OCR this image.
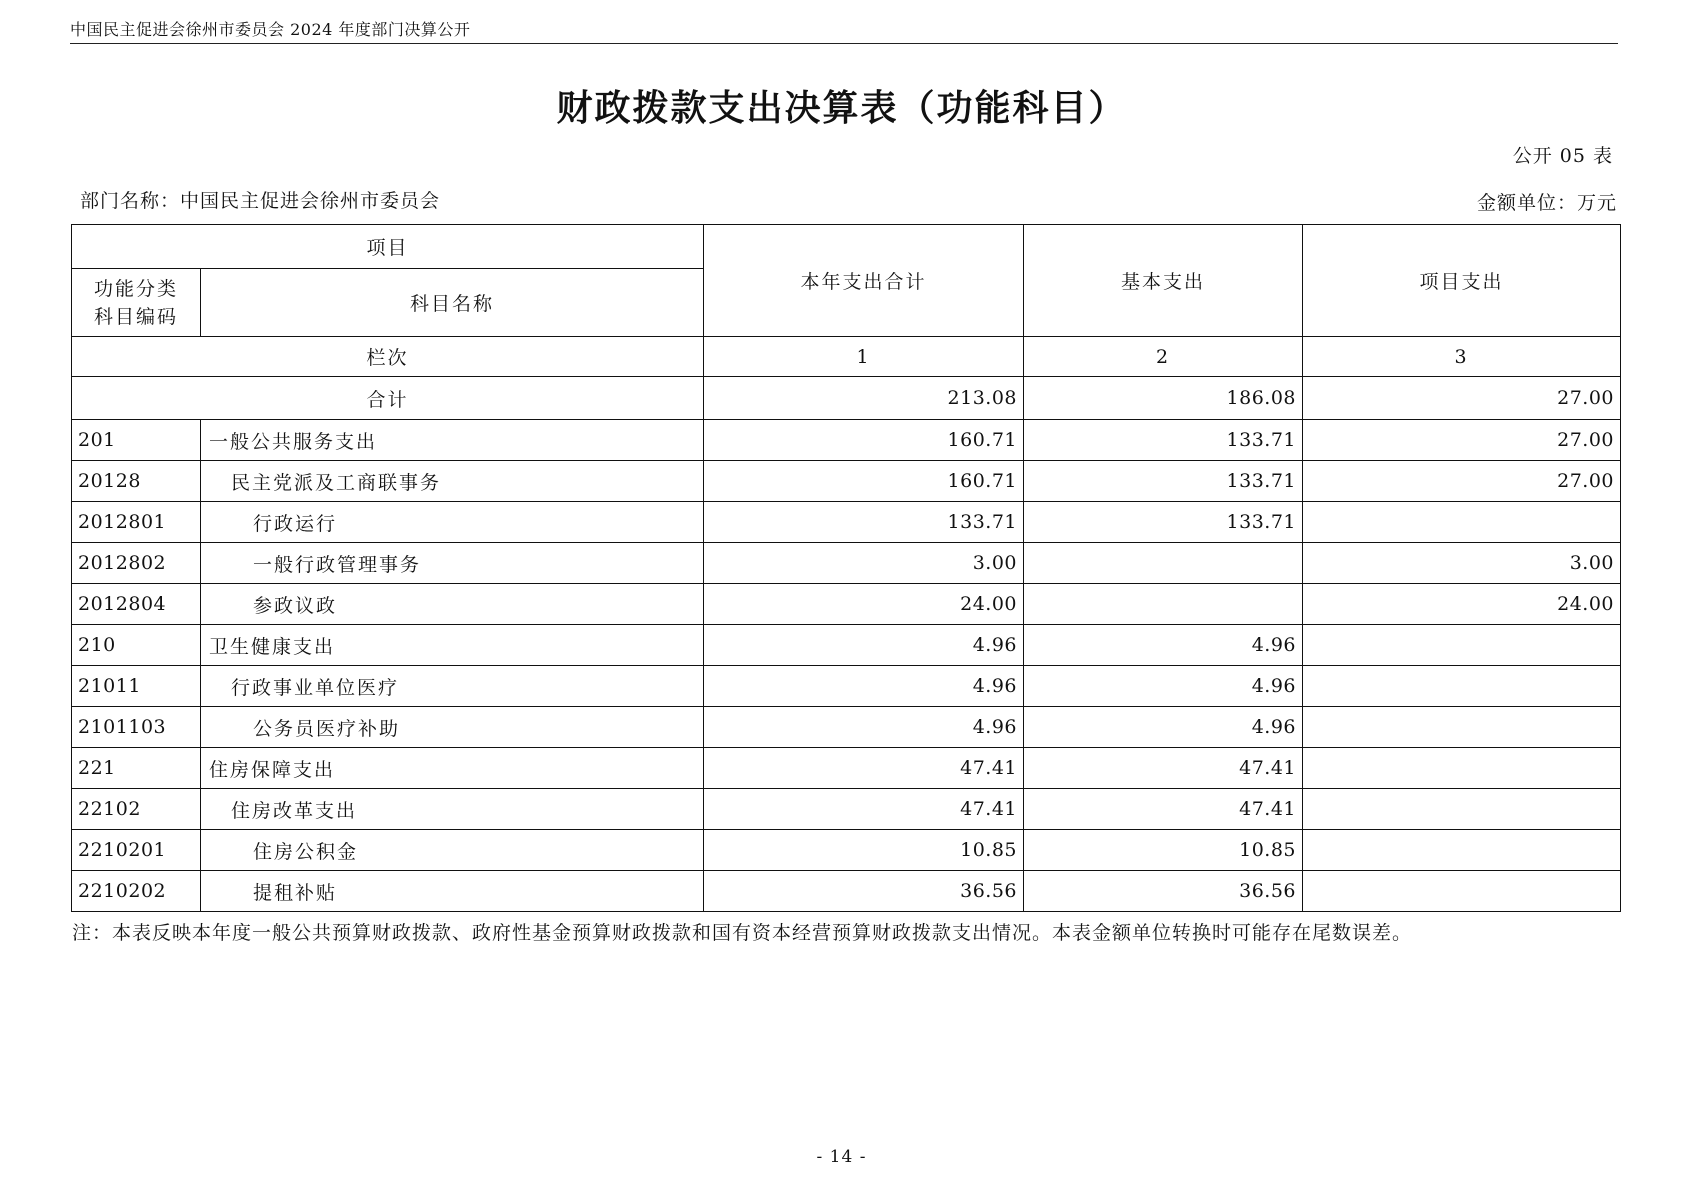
中国民主促进会徐州市委员会 2024 年度部门决算公开
财政拨款支出决算表（功能科目）
公开 05 表
部门名称：中国民主促进会徐州市委员会	金额单位：万元
项目		本年支出合计	基本支出	项目支出

功能分类
科目编码	科目名称			
栏次		1	2	3
合计		213.08	186.08	27.00
201	一般公共服务支出	160.71	133.71	27.00
20128	民主党派及工商联事务	160.71	133.71	27.00
2012801	行政运行	133.71	133.71	
2012802	一般行政管理事务	3.00		3.00
2012804	参政议政	24.00		24.00
210	卫生健康支出	4.96	4.96	
21011	行政事业单位医疗	4.96	4.96	
2101103	公务员医疗补助	4.96	4.96	
221	住房保障支出	47.41	47.41	
22102	住房改革支出	47.41	47.41	
2210201	住房公积金	10.85	10.85	
2210202	提租补贴	36.56	36.56	
注：本表反映本年度一般公共预算财政拨款、政府性基金预算财政拨款和国有资本经营预算财政拨款支出情况。本表金额单位转换时可能存在尾数误差。
- 14 -
